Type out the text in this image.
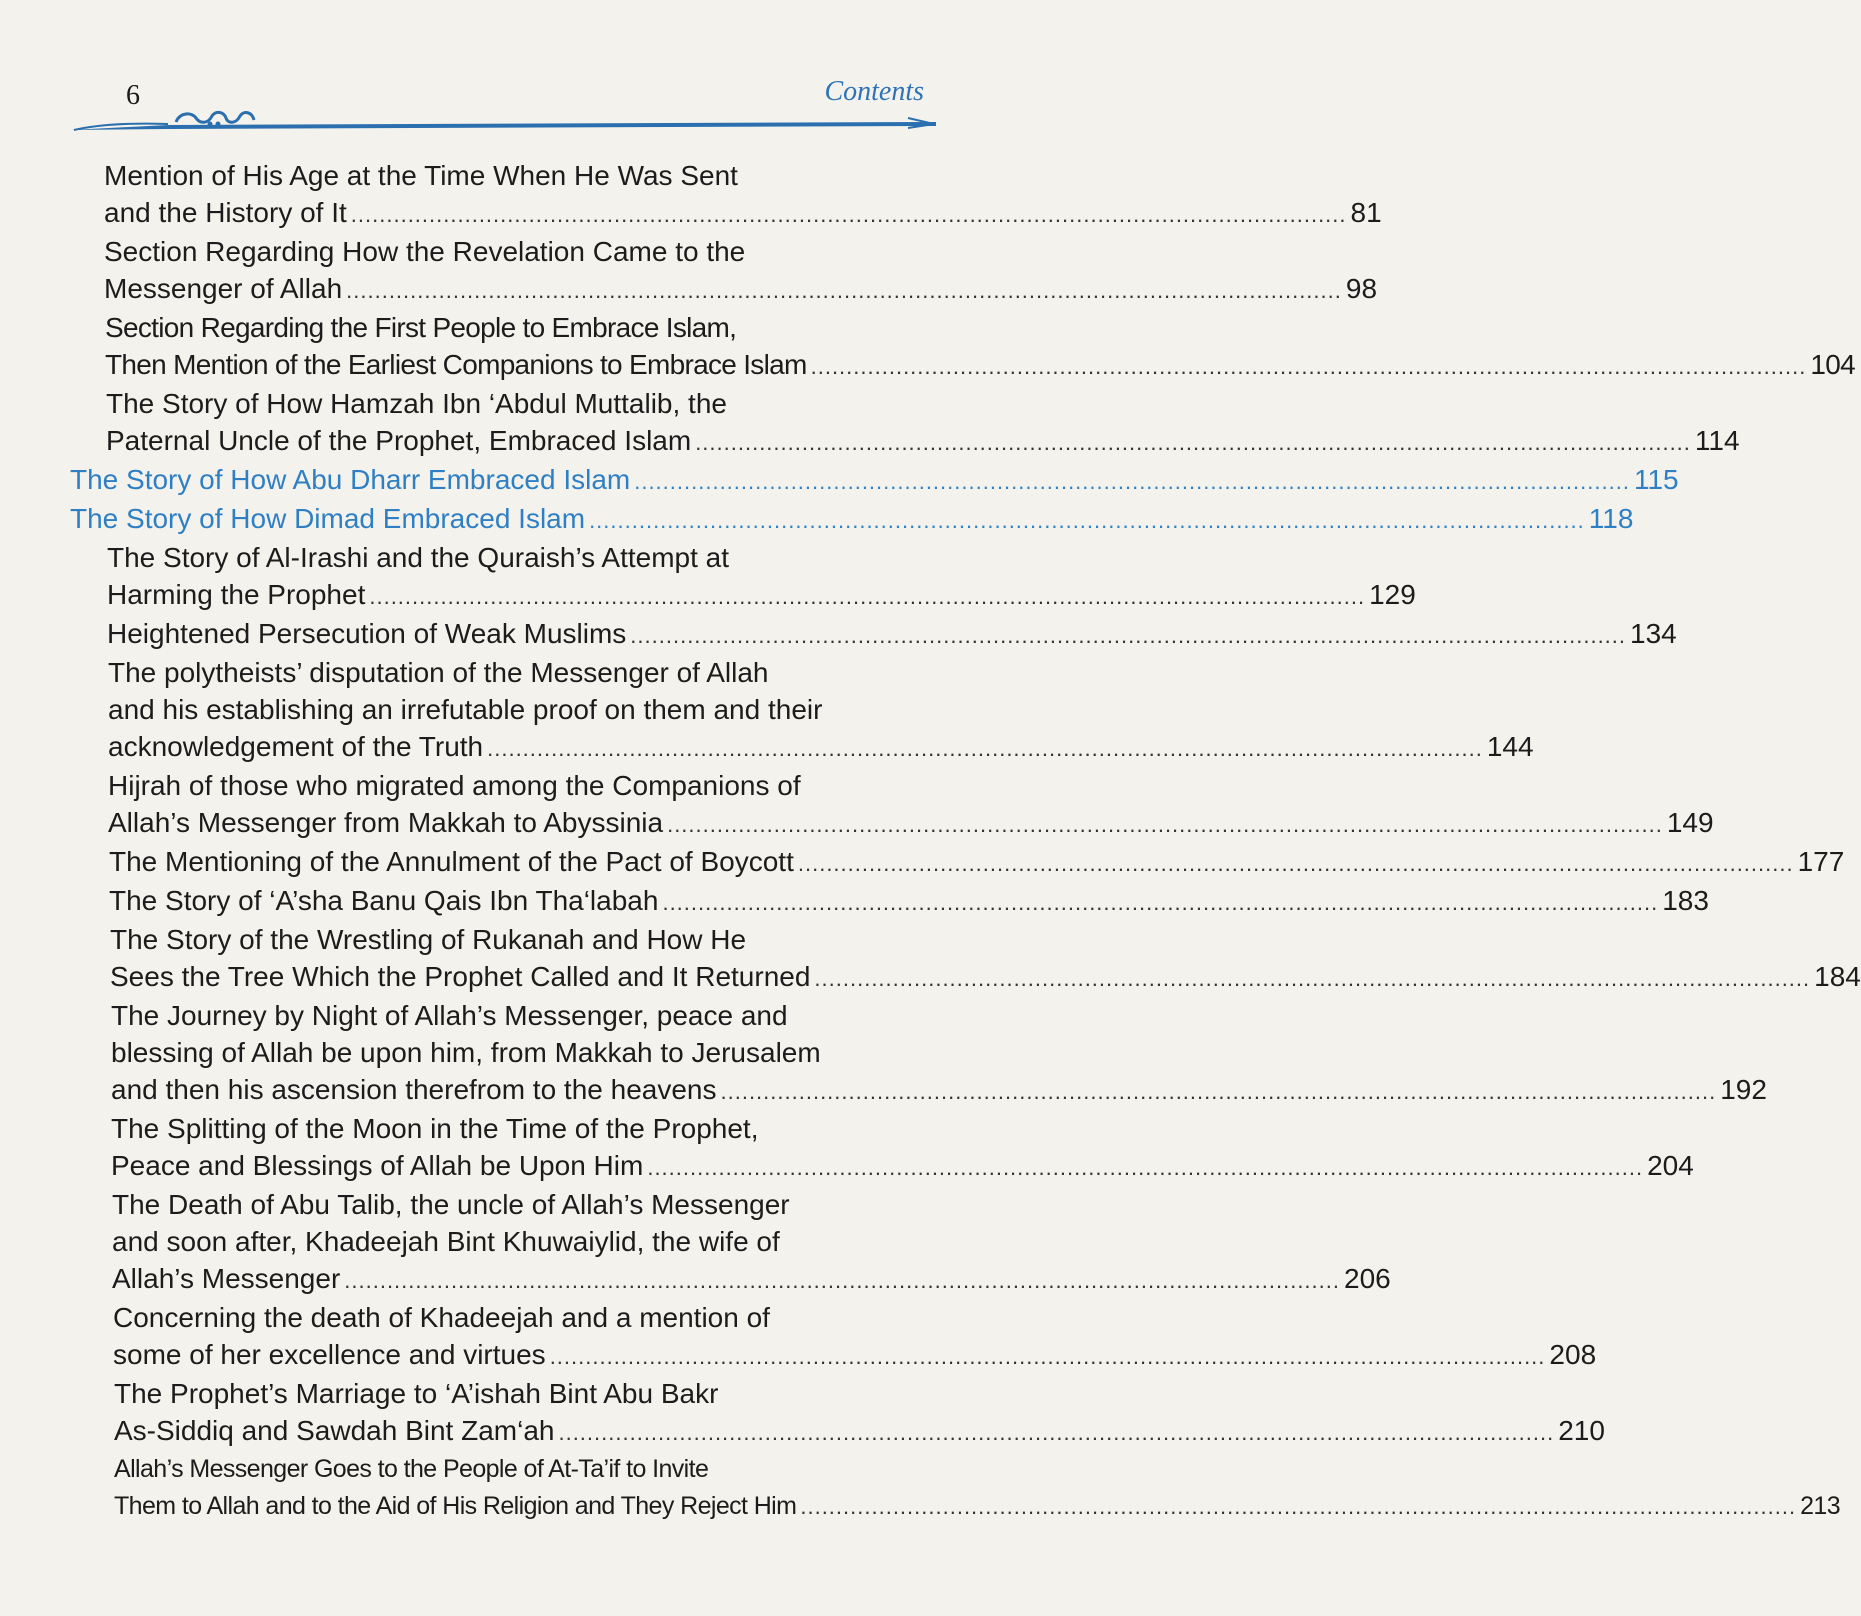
6	Contents
Mention of His Age at the Time When He Was Sent
and the History of It ............................................................................................................................................ 81
Section Regarding How the Revelation Came to the
Messenger of Allah ............................................................................................................................................ 98
Section Regarding the First People to Embrace Islam,
Then Mention of the Earliest Companions to Embrace Islam ............................................................................................................................................ 104
The Story of How Hamzah Ibn ‘Abdul Muttalib, the
Paternal Uncle of the Prophet, Embraced Islam ............................................................................................................................................ 114
The Story of How Abu Dharr Embraced Islam ............................................................................................................................................ 115
The Story of How Dimad Embraced Islam ............................................................................................................................................ 118
The Story of Al-Irashi and the Quraish’s Attempt at
Harming the Prophet ............................................................................................................................................ 129
Heightened Persecution of Weak Muslims ............................................................................................................................................ 134
The polytheists’ disputation of the Messenger of Allah
and his establishing an irrefutable proof on them and their
acknowledgement of the Truth ............................................................................................................................................ 144
Hijrah of those who migrated among the Companions of
Allah’s Messenger from Makkah to Abyssinia ............................................................................................................................................ 149
The Mentioning of the Annulment of the Pact of Boycott ............................................................................................................................................ 177
The Story of ‘A’sha Banu Qais Ibn Tha‘labah ............................................................................................................................................ 183
The Story of the Wrestling of Rukanah and How He
Sees the Tree Which the Prophet Called and It Returned ............................................................................................................................................ 184
The Journey by Night of Allah’s Messenger, peace and
blessing of Allah be upon him, from Makkah to Jerusalem
and then his ascension therefrom to the heavens ............................................................................................................................................ 192
The Splitting of the Moon in the Time of the Prophet,
Peace and Blessings of Allah be Upon Him ............................................................................................................................................ 204
The Death of Abu Talib, the uncle of Allah’s Messenger
and soon after, Khadeejah Bint Khuwaiylid, the wife of
Allah’s Messenger ............................................................................................................................................ 206
Concerning the death of Khadeejah and a mention of
some of her excellence and virtues ............................................................................................................................................ 208
The Prophet’s Marriage to ‘A’ishah Bint Abu Bakr
As-Siddiq and Sawdah Bint Zam‘ah ............................................................................................................................................ 210
Allah’s Messenger Goes to the People of At-Ta’if to Invite
Them to Allah and to the Aid of His Religion and They Reject Him ............................................................................................................................................ 213
